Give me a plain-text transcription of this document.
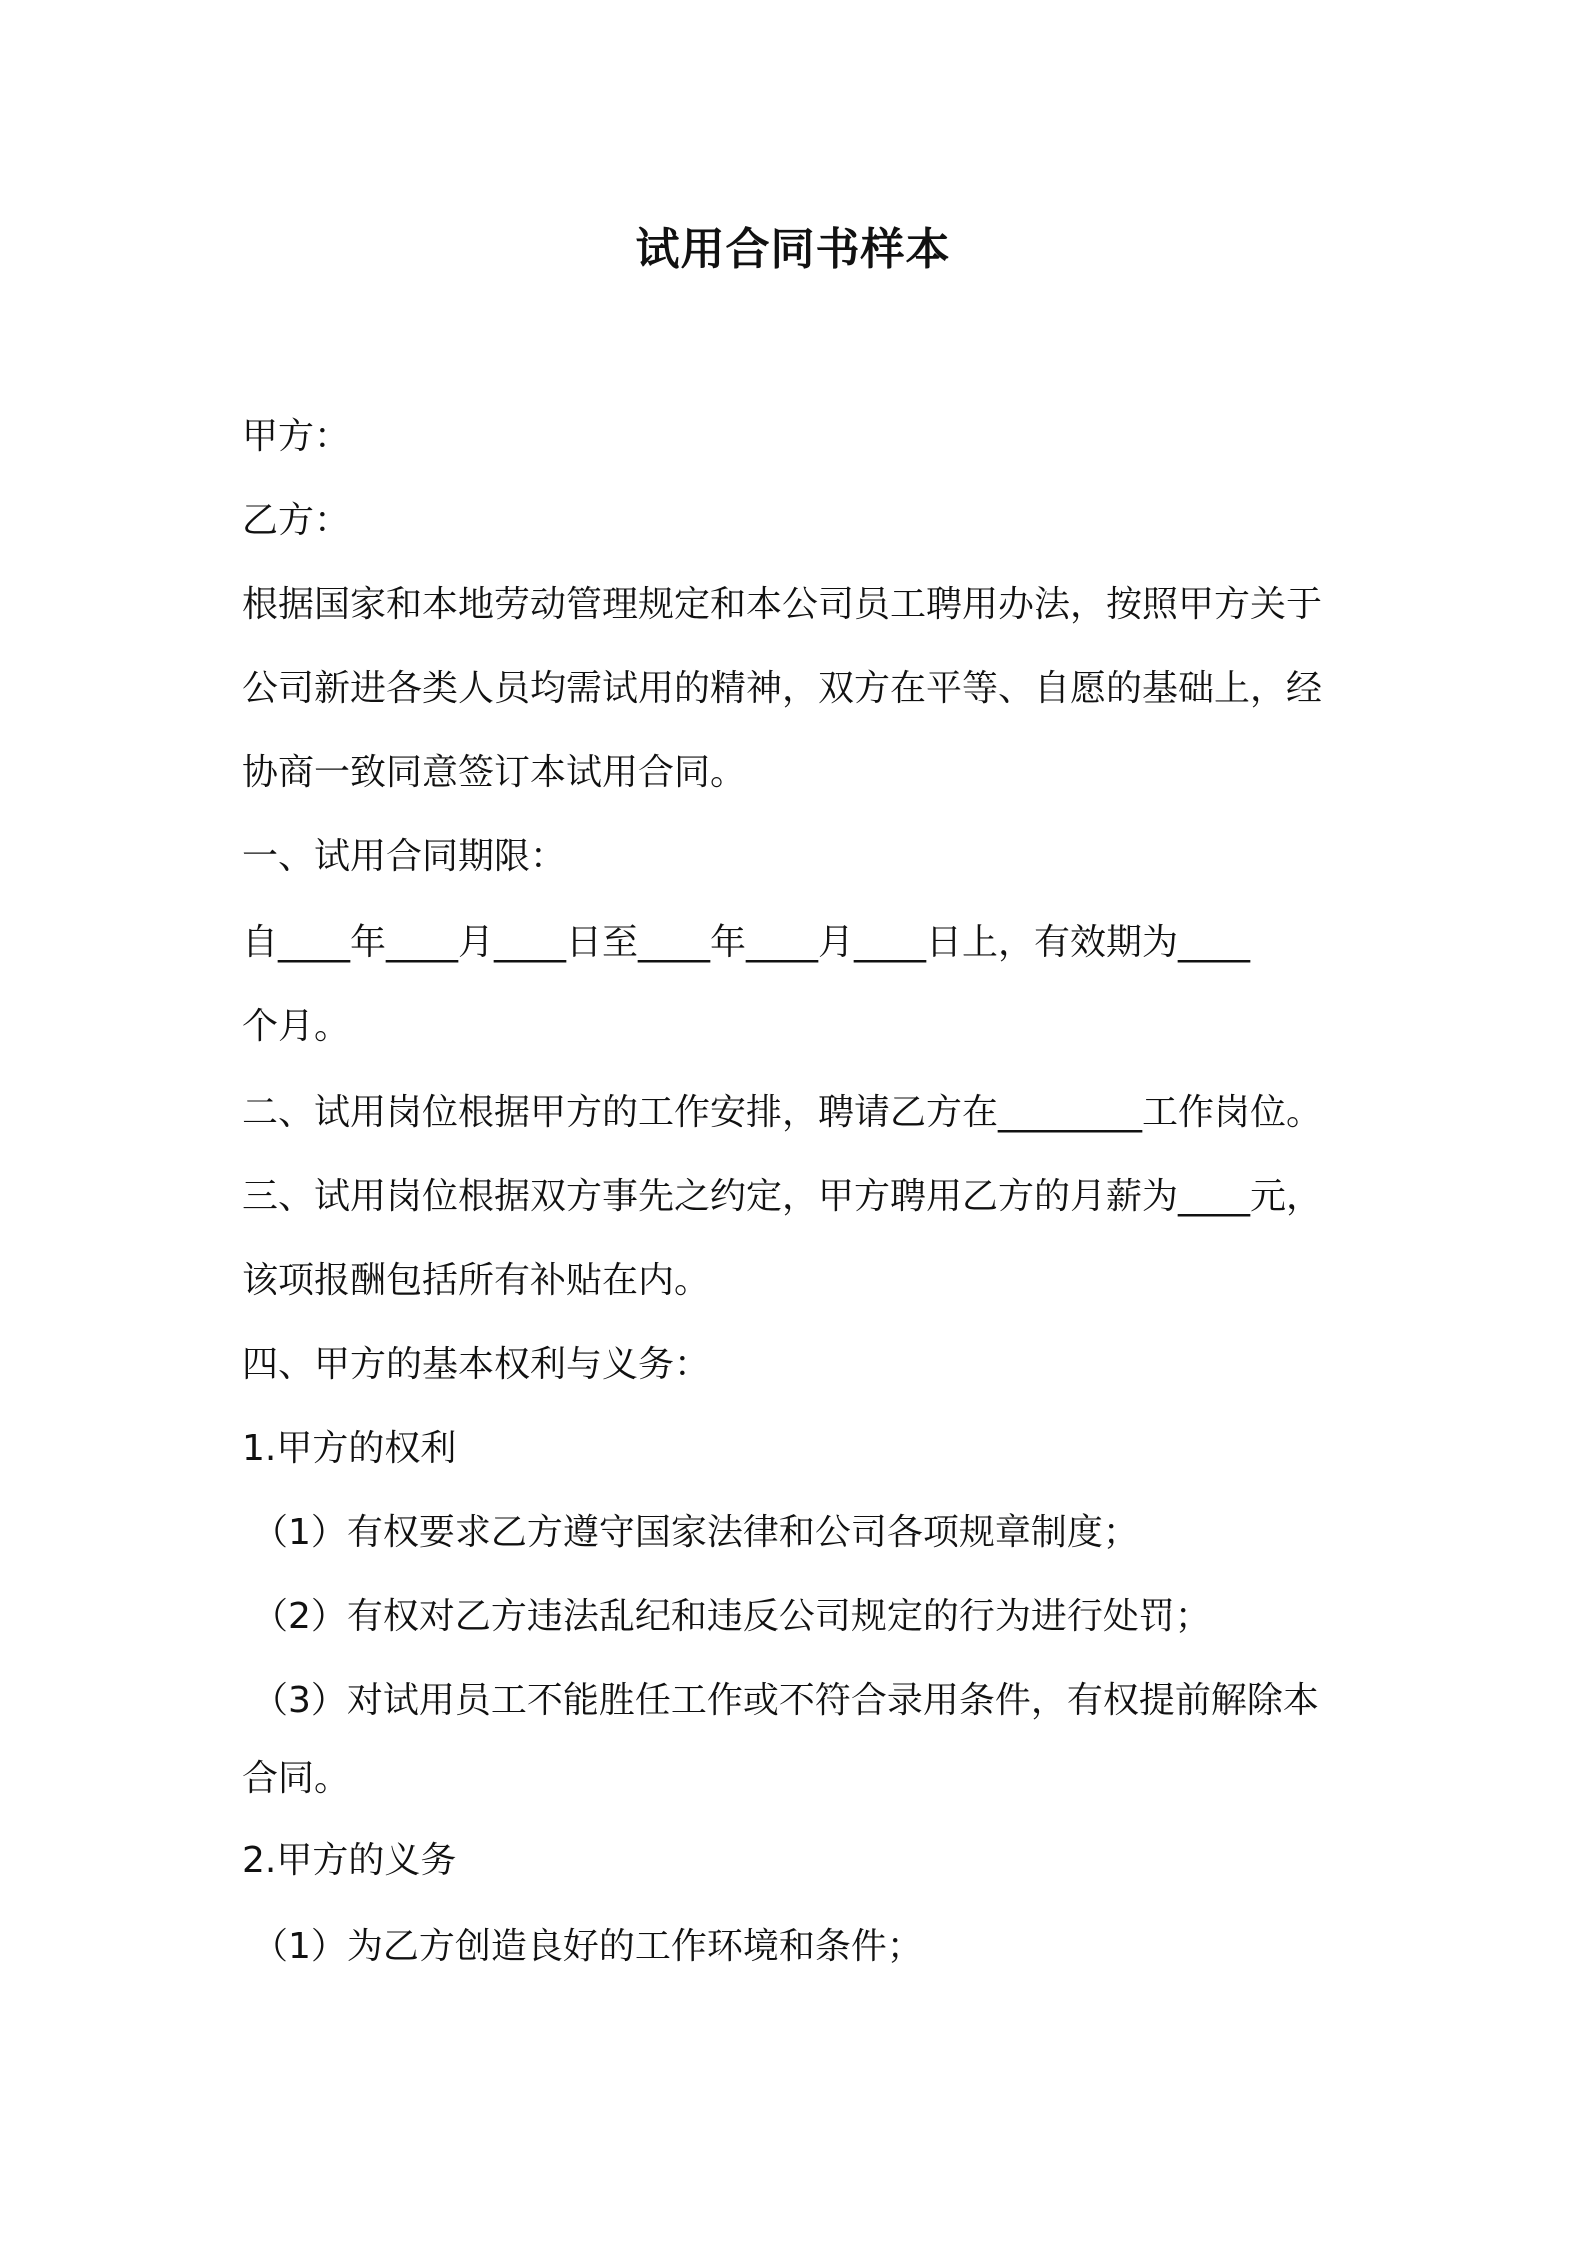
试用合同书样本
甲方：
乙方：
根据国家和本地劳动管理规定和本公司员工聘用办法，按照甲方关于
公司新进各类人员均需试用的精神，双方在平等、自愿的基础上，经
协商一致同意签订本试用合同。
一、试用合同期限：
自____年____月____日至____年____月____日上，有效期为____
个月。
二、试用岗位根据甲方的工作安排，聘请乙方在________工作岗位。
三、试用岗位根据双方事先之约定，甲方聘用乙方的月薪为____元，
该项报酬包括所有补贴在内。
四、甲方的基本权利与义务：
1.甲方的权利
（1）有权要求乙方遵守国家法律和公司各项规章制度；
（2）有权对乙方违法乱纪和违反公司规定的行为进行处罚；
（3）对试用员工不能胜任工作或不符合录用条件，有权提前解除本
合同。
2.甲方的义务
（1）为乙方创造良好的工作环境和条件；
